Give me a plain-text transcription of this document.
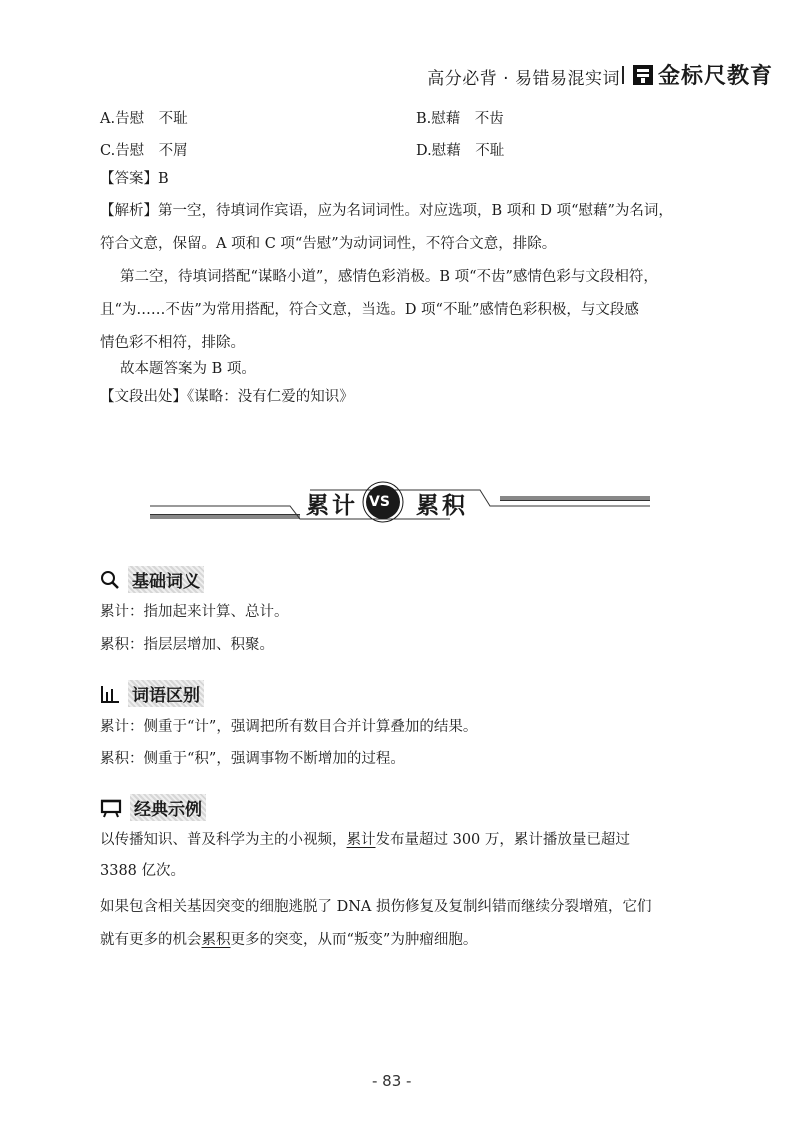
高分必背 · 易错易混实词 金标尺教育
A.告慰　不耻	B.慰藉　不齿
C.告慰　不屑	D.慰藉　不耻
【答案】B
【解析】第一空，待填词作宾语，应为名词词性。对应选项，B 项和 D 项“慰藉”为名词，
符合文意，保留。A 项和 C 项“告慰”为动词词性，不符合文意，排除。
第二空，待填词搭配“谋略小道”，感情色彩消极。B 项“不齿”感情色彩与文段相符，
且“为……不齿”为常用搭配，符合文意，当选。D 项“不耻”感情色彩积极，与文段感
情色彩不相符，排除。
故本题答案为 B 项。
【文段出处】《谋略：没有仁爱的知识》
累计 VS 累积
基础词义
累计：指加起来计算、总计。
累积：指层层增加、积聚。
词语区别
累计：侧重于“计”，强调把所有数目合并计算叠加的结果。
累积：侧重于“积”，强调事物不断增加的过程。
经典示例
以传播知识、普及科学为主的小视频，累计发布量超过 300 万，累计播放量已超过
3388 亿次。
如果包含相关基因突变的细胞逃脱了 DNA 损伤修复及复制纠错而继续分裂增殖，它们
就有更多的机会累积更多的突变，从而“叛变”为肿瘤细胞。
- 83 -
